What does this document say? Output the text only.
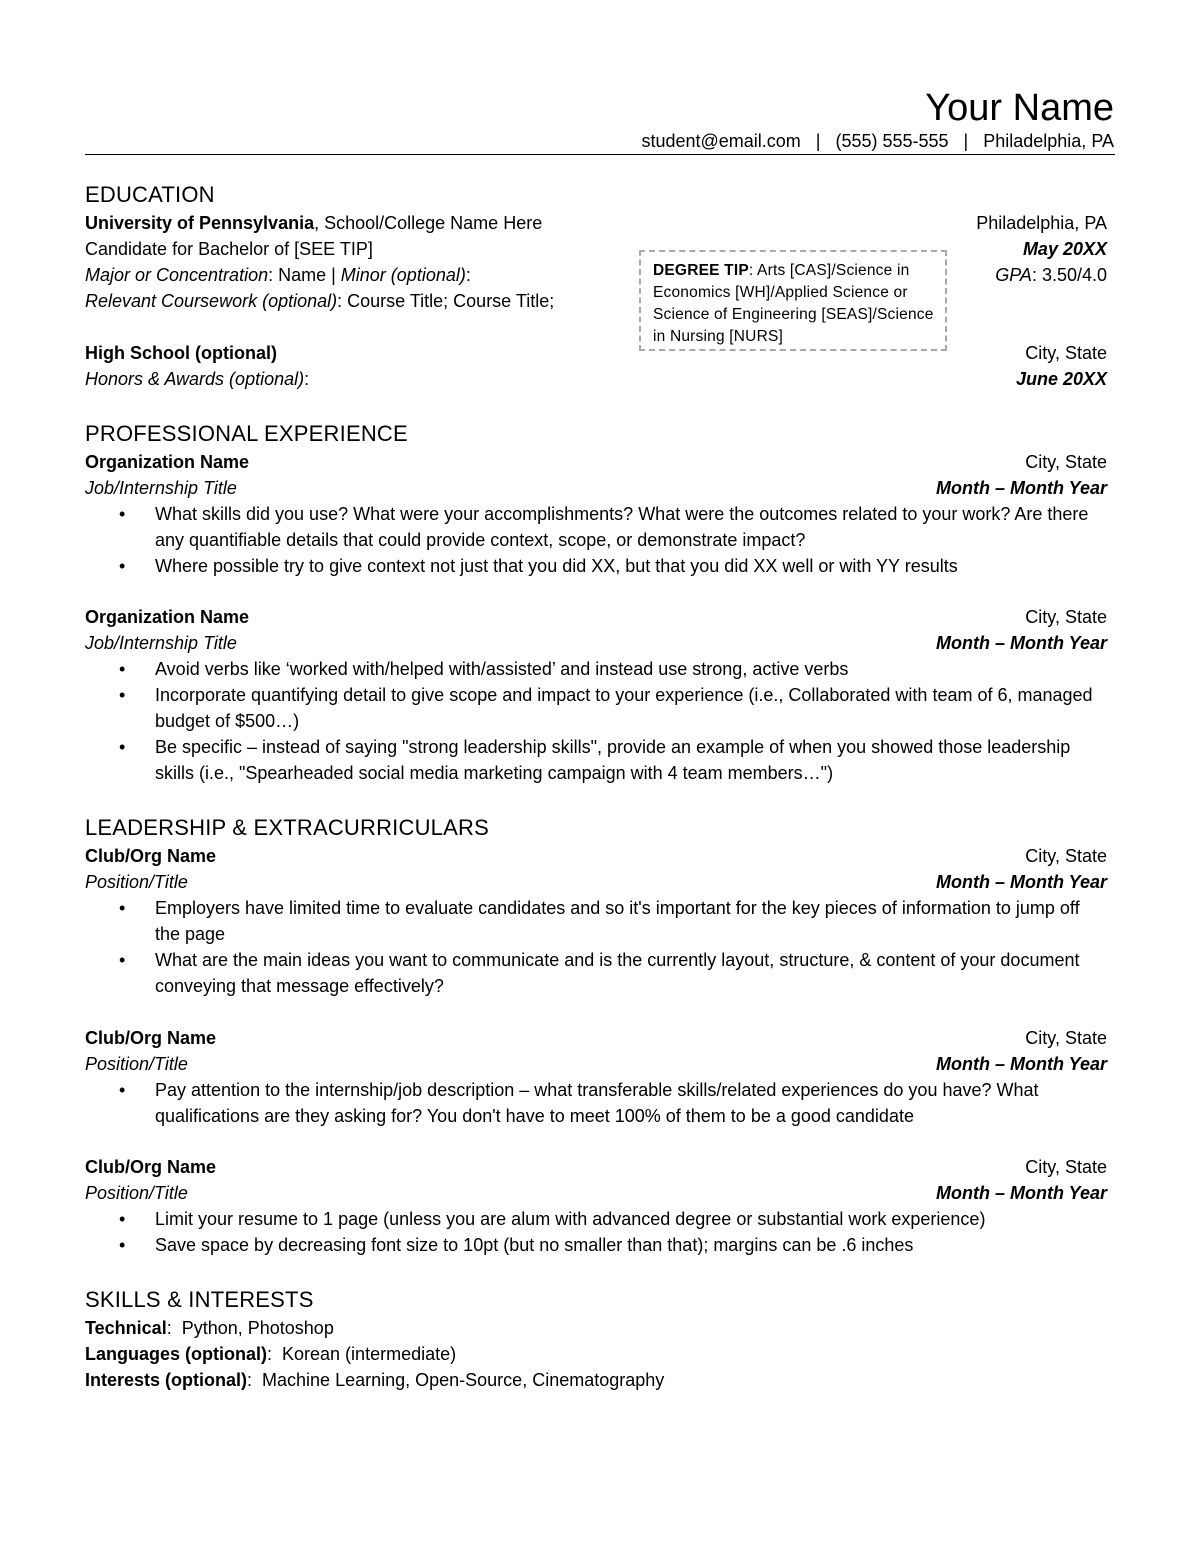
Your Name
student@email.com   |   (555) 555-555   |   Philadelphia, PA
EDUCATION
University of Pennsylvania, School/College Name Here	Philadelphia, PA
Candidate for Bachelor of [SEE TIP]	May 20XX
Major or Concentration: Name | Minor (optional):	GPA: 3.50/4.0
Relevant Coursework (optional): Course Title; Course Title;
DEGREE TIP: Arts [CAS]/Science in Economics [WH]/Applied Science or Science of Engineering [SEAS]/Science in Nursing [NURS]
High School (optional)	City, State
Honors & Awards (optional):	June 20XX
PROFESSIONAL EXPERIENCE
Organization Name	City, State
Job/Internship Title	Month – Month Year
• What skills did you use? What were your accomplishments? What were the outcomes related to your work? Are there any quantifiable details that could provide context, scope, or demonstrate impact?
• Where possible try to give context not just that you did XX, but that you did XX well or with YY results
Organization Name	City, State
Job/Internship Title	Month – Month Year
• Avoid verbs like ‘worked with/helped with/assisted’ and instead use strong, active verbs
• Incorporate quantifying detail to give scope and impact to your experience (i.e., Collaborated with team of 6, managed budget of $500…)
• Be specific – instead of saying "strong leadership skills", provide an example of when you showed those leadership skills (i.e., "Spearheaded social media marketing campaign with 4 team members…")
LEADERSHIP & EXTRACURRICULARS
Club/Org Name	City, State
Position/Title	Month – Month Year
• Employers have limited time to evaluate candidates and so it's important for the key pieces of information to jump off the page
• What are the main ideas you want to communicate and is the currently layout, structure, & content of your document conveying that message effectively?
Club/Org Name	City, State
Position/Title	Month – Month Year
• Pay attention to the internship/job description – what transferable skills/related experiences do you have? What qualifications are they asking for? You don't have to meet 100% of them to be a good candidate
Club/Org Name	City, State
Position/Title	Month – Month Year
• Limit your resume to 1 page (unless you are alum with advanced degree or substantial work experience)
• Save space by decreasing font size to 10pt (but no smaller than that); margins can be .6 inches
SKILLS & INTERESTS
Technical:  Python, Photoshop
Languages (optional):  Korean (intermediate)
Interests (optional):  Machine Learning, Open-Source, Cinematography
